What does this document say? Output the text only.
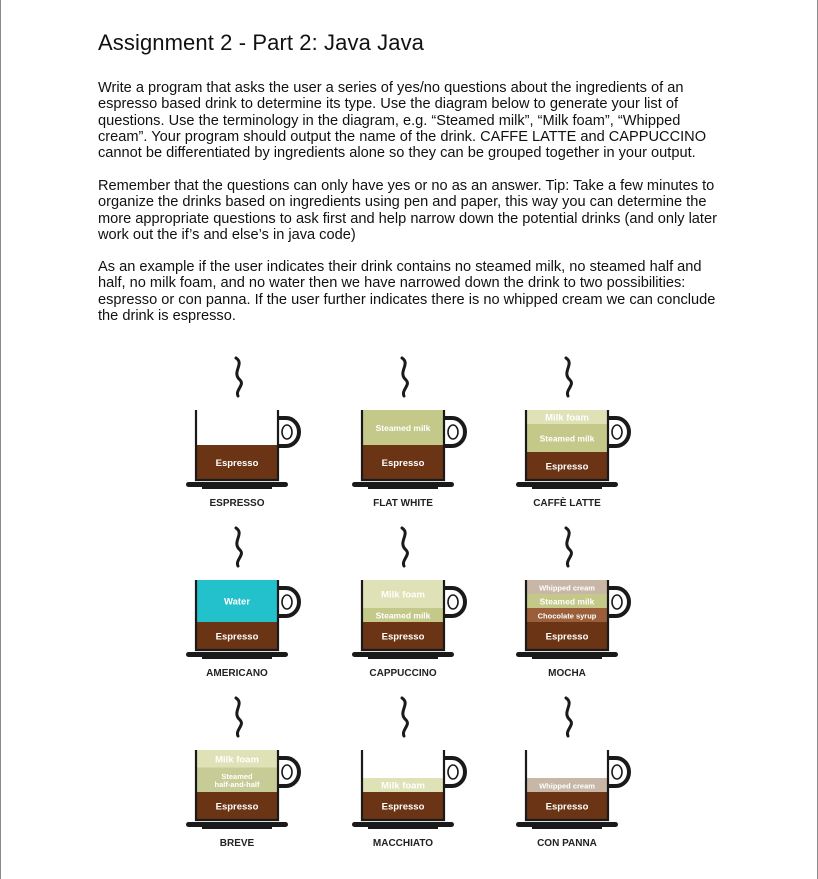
Assignment 2 - Part 2: Java Java

Write a program that asks the user a series of yes/no questions about the ingredients of an espresso based drink to determine its type. Use the diagram below to generate your list of questions. Use the terminology in the diagram, e.g. “Steamed milk”, “Milk foam”, “Whipped cream”. Your program should output the name of the drink. CAFFE LATTE and CAPPUCCINO cannot be differentiated by ingredients alone so they can be grouped together in your output.

Remember that the questions can only have yes or no as an answer. Tip: Take a few minutes to organize the drinks based on ingredients using pen and paper, this way you can determine the more appropriate questions to ask first and help narrow down the potential drinks (and only later work out the if’s and else’s in java code)

As an example if the user indicates their drink contains no steamed milk, no steamed half and half, no milk foam, and no water then we have narrowed down the drink to two possibilities: espresso or con panna. If the user further indicates there is no whipped cream we can conclude the drink is espresso.

Espresso
ESPRESSO
Espresso
Steamed milk
FLAT WHITE
Espresso
Steamed milk
Milk foam
CAFFÈ LATTE
Espresso
Water
AMERICANO
Espresso
Steamed milk
Milk foam
CAPPUCCINO
Espresso
Chocolate syrup
Steamed milk
Whipped cream
MOCHA
Espresso
Steamed
half-and-half
Milk foam
BREVE
Espresso
Milk foam
MACCHIATO
Espresso
Whipped cream
CON PANNA
